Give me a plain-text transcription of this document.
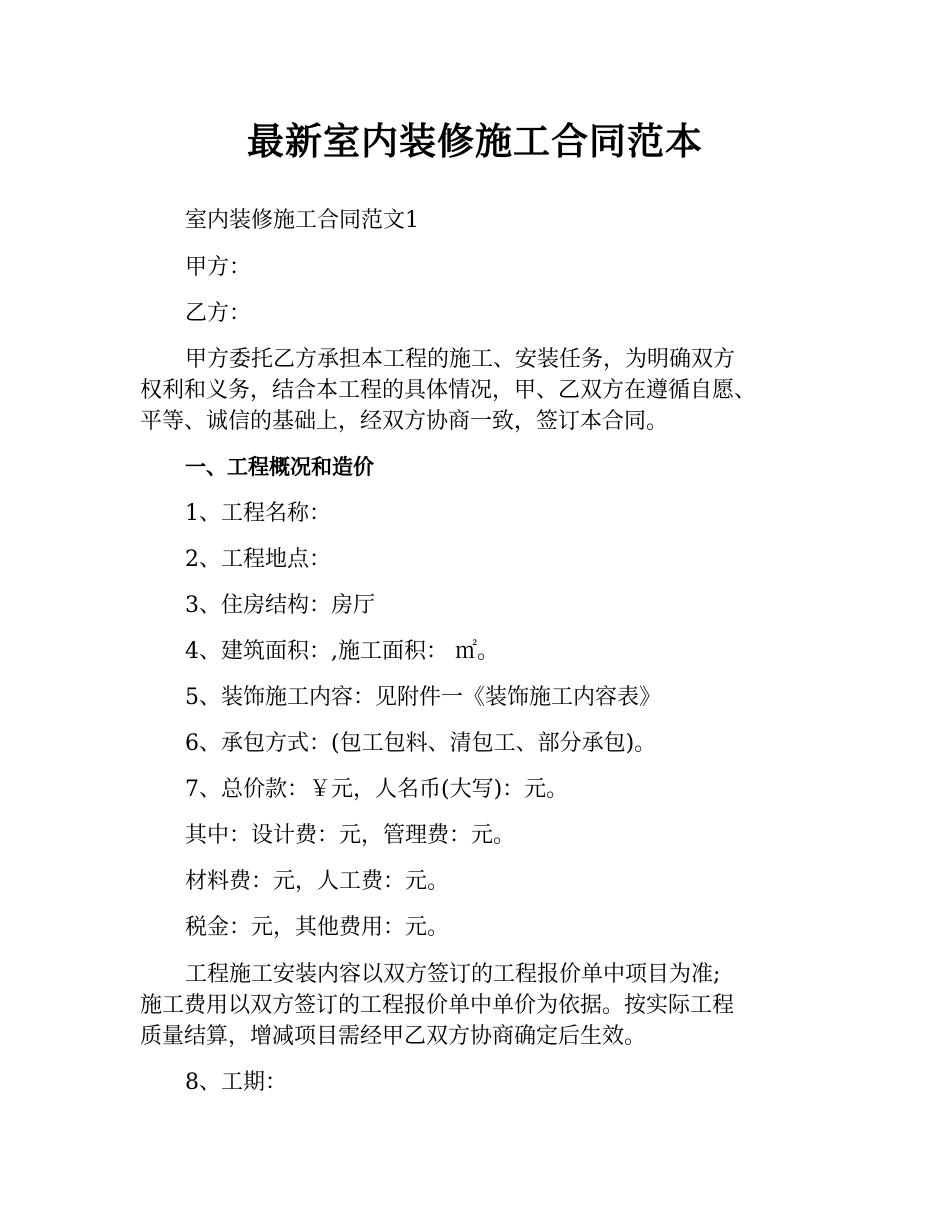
最新室内装修施工合同范本

室内装修施工合同范文1

甲方：

乙方：

甲方委托乙方承担本工程的施工、安装任务，为明确双方
权利和义务，结合本工程的具体情况，甲、乙双方在遵循自愿、
平等、诚信的基础上，经双方协商一致，签订本合同。

一、工程概况和造价

1、工程名称：

2、工程地点：

3、住房结构：房厅

4、建筑面积：,施工面积： ㎡。

5、装饰施工内容：见附件一《装饰施工内容表》

6、承包方式：(包工包料、清包工、部分承包)。

7、总价款：￥元，人名币(大写)：元。

其中：设计费：元，管理费：元。

材料费：元，人工费：元。

税金：元，其他费用：元。

工程施工安装内容以双方签订的工程报价单中项目为准;
施工费用以双方签订的工程报价单中单价为依据。按实际工程
质量结算，增减项目需经甲乙双方协商确定后生效。

8、工期：
